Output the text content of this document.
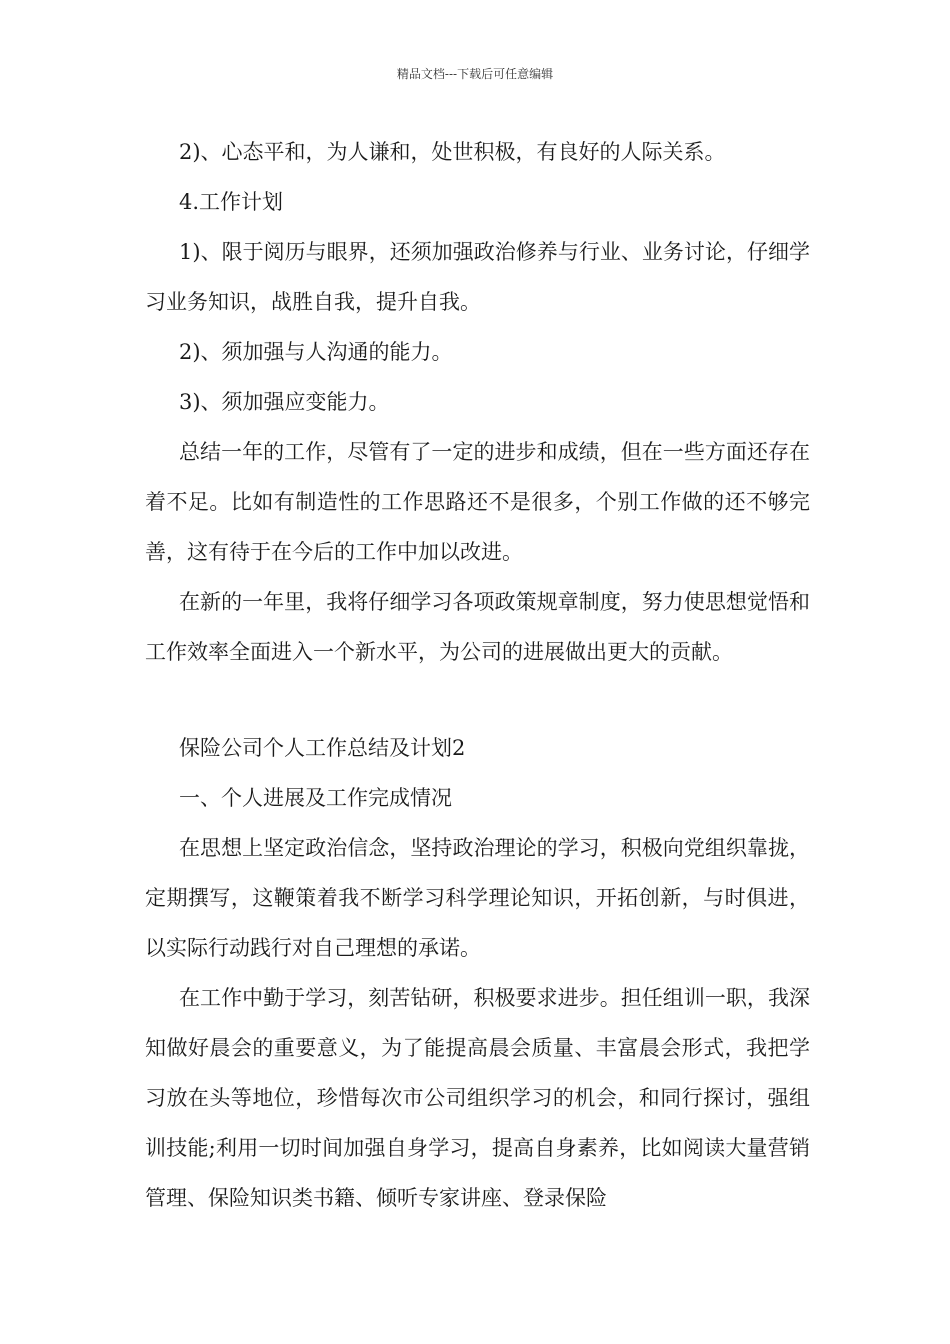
精品文档---下载后可任意编辑

2)、心态平和，为人谦和，处世积极，有良好的人际关系。

4.工作计划

1)、限于阅历与眼界，还须加强政治修养与行业、业务讨论，仔细学习业务知识，战胜自我，提升自我。

2)、须加强与人沟通的能力。

3)、须加强应变能力。

总结一年的工作，尽管有了一定的进步和成绩，但在一些方面还存在着不足。比如有制造性的工作思路还不是很多，个别工作做的还不够完善，这有待于在今后的工作中加以改进。

在新的一年里，我将仔细学习各项政策规章制度，努力使思想觉悟和工作效率全面进入一个新水平，为公司的进展做出更大的贡献。

保险公司个人工作总结及计划2

一、个人进展及工作完成情况

在思想上坚定政治信念，坚持政治理论的学习，积极向党组织靠拢，定期撰写，这鞭策着我不断学习科学理论知识，开拓创新，与时俱进，以实际行动践行对自己理想的承诺。

在工作中勤于学习，刻苦钻研，积极要求进步。担任组训一职，我深知做好晨会的重要意义，为了能提高晨会质量、丰富晨会形式，我把学习放在头等地位，珍惜每次市公司组织学习的机会，和同行探讨，强组训技能;利用一切时间加强自身学习，提高自身素养，比如阅读大量营销管理、保险知识类书籍、倾听专家讲座、登录保险
